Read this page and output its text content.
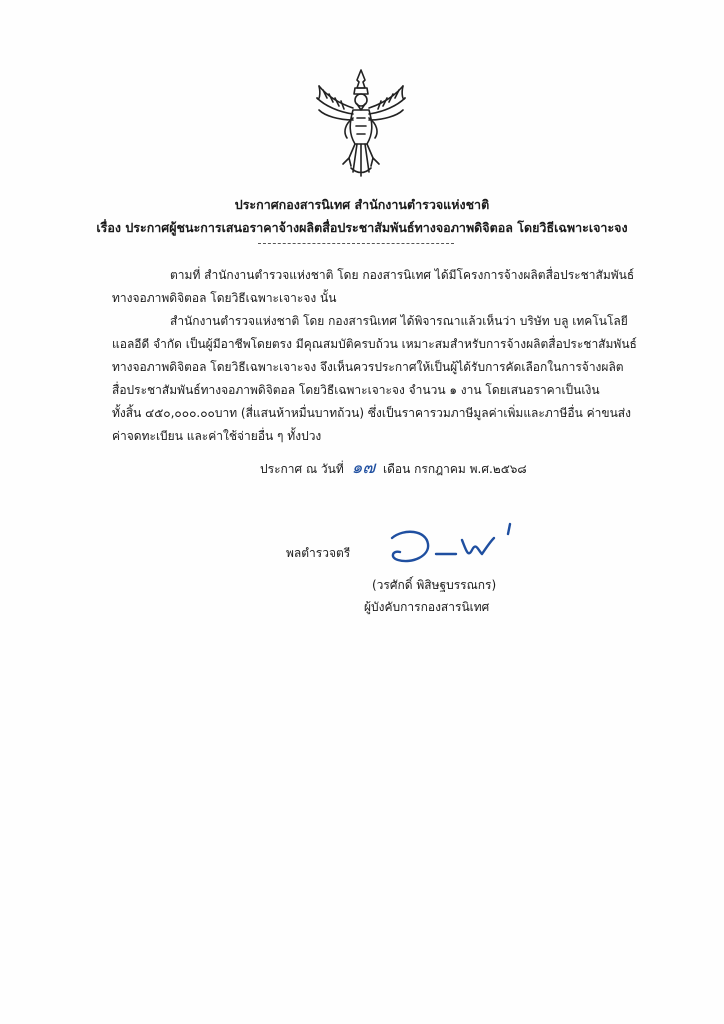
ประกาศกองสารนิเทศ สำนักงานตำรวจแห่งชาติ
เรื่อง ประกาศผู้ชนะการเสนอราคาจ้างผลิตสื่อประชาสัมพันธ์ทางจอภาพดิจิตอล โดยวิธีเฉพาะเจาะจง
ตามที่ สำนักงานตำรวจแห่งชาติ โดย กองสารนิเทศ ได้มีโครงการจ้างผลิตสื่อประชาสัมพันธ์
ทางจอภาพดิจิตอล โดยวิธีเฉพาะเจาะจง นั้น
สำนักงานตำรวจแห่งชาติ โดย กองสารนิเทศ ได้พิจารณาแล้วเห็นว่า บริษัท บลู เทคโนโลยี
แอลอีดี จำกัด เป็นผู้มีอาชีพโดยตรง มีคุณสมบัติครบถ้วน เหมาะสมสำหรับการจ้างผลิตสื่อประชาสัมพันธ์
ทางจอภาพดิจิตอล โดยวิธีเฉพาะเจาะจง จึงเห็นควรประกาศให้เป็นผู้ได้รับการคัดเลือกในการจ้างผลิต
สื่อประชาสัมพันธ์ทางจอภาพดิจิตอล โดยวิธีเฉพาะเจาะจง จำนวน ๑ งาน โดยเสนอราคาเป็นเงิน
ทั้งสิ้น ๔๕๐,๐๐๐.๐๐บาท (สี่แสนห้าหมื่นบาทถ้วน) ซึ่งเป็นราคารวมภาษีมูลค่าเพิ่มและภาษีอื่น ค่าขนส่ง
ค่าจดทะเบียน และค่าใช้จ่ายอื่น ๆ ทั้งปวง
ประกาศ ณ วันที่ ๑๗ เดือน กรกฎาคม พ.ศ.๒๕๖๘
พลตำรวจตรี
(วรศักดิ์ พิสิษฐบรรณกร)
ผู้บังคับการกองสารนิเทศ
